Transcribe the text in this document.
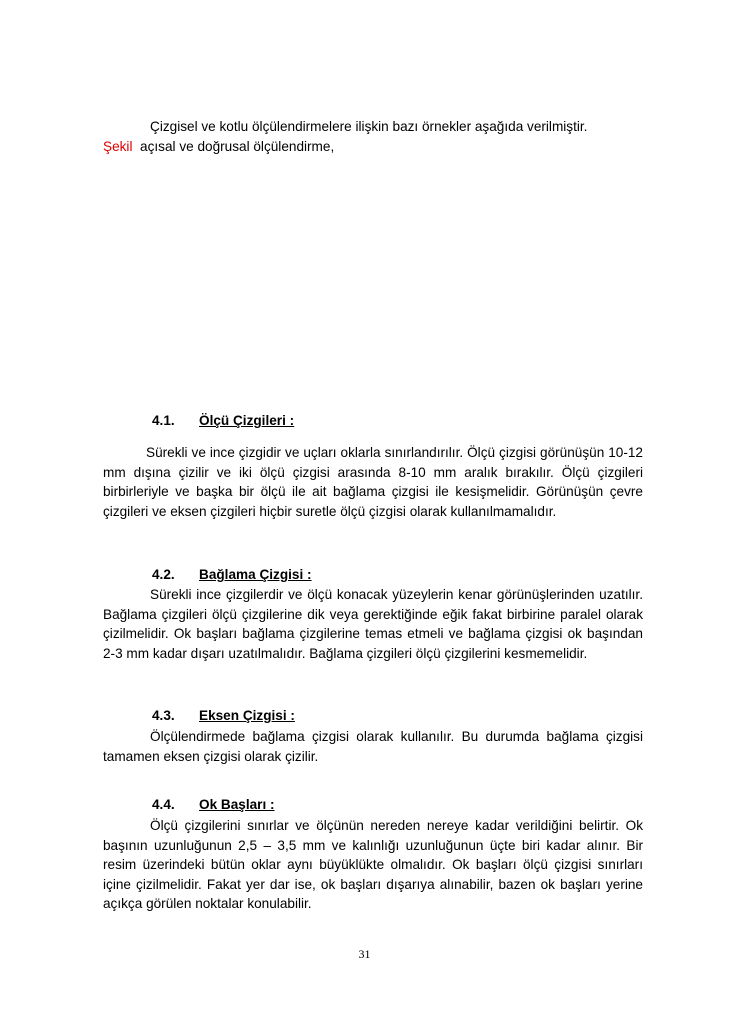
Çizgisel ve kotlu ölçülendirmelere ilişkin bazı örnekler aşağıda verilmiştir.
Şekil açısal ve doğrusal ölçülendirme,
4.1. Ölçü Çizgileri :
Sürekli ve ince çizgidir ve uçları oklarla sınırlandırılır. Ölçü çizgisi görünüşün 10-12 mm dışına çizilir ve iki ölçü çizgisi arasında 8-10 mm aralık bırakılır. Ölçü çizgileri birbirleriyle ve başka bir ölçü ile ait bağlama çizgisi ile kesişmelidir. Görünüşün çevre çizgileri ve eksen çizgileri hiçbir suretle ölçü çizgisi olarak kullanılmamalıdır.
4.2. Bağlama Çizgisi :
Sürekli ince çizgilerdir ve ölçü konacak yüzeylerin kenar görünüşlerinden uzatılır. Bağlama çizgileri ölçü çizgilerine dik veya gerektiğinde eğik fakat birbirine paralel olarak çizilmelidir. Ok başları bağlama çizgilerine temas etmeli ve bağlama çizgisi ok başından 2-3 mm kadar dışarı uzatılmalıdır. Bağlama çizgileri ölçü çizgilerini kesmemelidir.
4.3. Eksen Çizgisi :
Ölçülendirmede bağlama çizgisi olarak kullanılır. Bu durumda bağlama çizgisi tamamen eksen çizgisi olarak çizilir.
4.4. Ok Başları :
Ölçü çizgilerini sınırlar ve ölçünün nereden nereye kadar verildiğini belirtir. Ok başının uzunluğunun 2,5 – 3,5 mm ve kalınlığı uzunluğunun üçte biri kadar alınır. Bir resim üzerindeki bütün oklar aynı büyüklükte olmalıdır. Ok başları ölçü çizgisi sınırları içine çizilmelidir. Fakat yer dar ise, ok başları dışarıya alınabilir, bazen ok başları yerine açıkça görülen noktalar konulabilir.
31
